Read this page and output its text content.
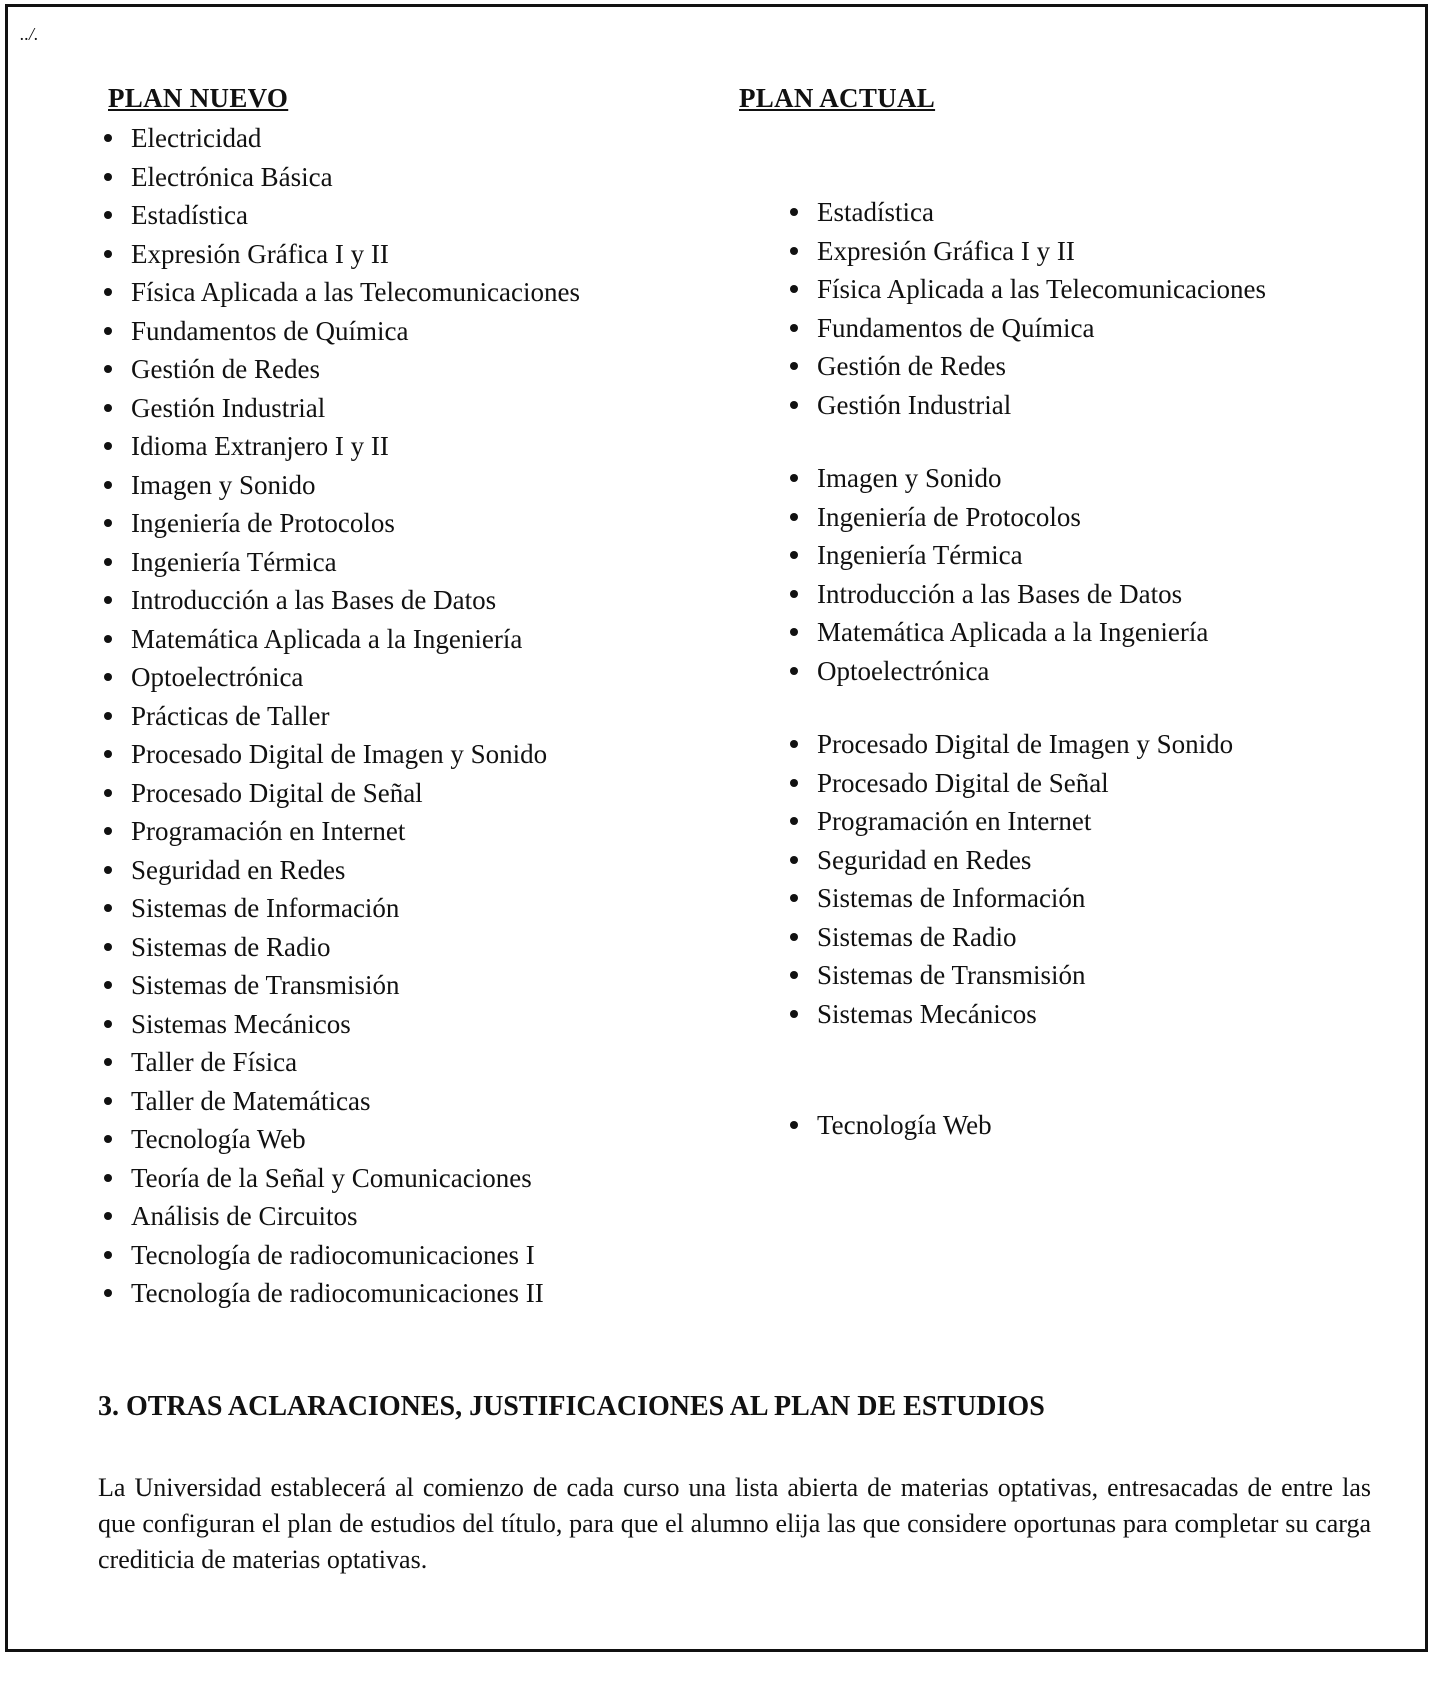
../.
PLAN NUEVO	PLAN ACTUAL
Electricidad
Electrónica Básica
Estadística
Expresión Gráfica I y II
Física Aplicada a las Telecomunicaciones
Fundamentos de Química
Gestión de Redes
Gestión Industrial
Idioma Extranjero I y II
Imagen y Sonido
Ingeniería de Protocolos
Ingeniería Térmica
Introducción a las Bases de Datos
Matemática Aplicada a la Ingeniería
Optoelectrónica
Prácticas de Taller
Procesado Digital de Imagen y Sonido
Procesado Digital de Señal
Programación en Internet
Seguridad en Redes
Sistemas de Información
Sistemas de Radio
Sistemas de Transmisión
Sistemas Mecánicos
Taller de Física
Taller de Matemáticas
Tecnología Web
Teoría de la Señal y Comunicaciones
Análisis de Circuitos
Tecnología de radiocomunicaciones I
Tecnología de radiocomunicaciones II
Estadística
Expresión Gráfica I y II
Física Aplicada a las Telecomunicaciones
Fundamentos de Química
Gestión de Redes
Gestión Industrial
Imagen y Sonido
Ingeniería de Protocolos
Ingeniería Térmica
Introducción a las Bases de Datos
Matemática Aplicada a la Ingeniería
Optoelectrónica
Procesado Digital de Imagen y Sonido
Procesado Digital de Señal
Programación en Internet
Seguridad en Redes
Sistemas de Información
Sistemas de Radio
Sistemas de Transmisión
Sistemas Mecánicos
Tecnología Web
3. OTRAS ACLARACIONES, JUSTIFICACIONES AL PLAN DE ESTUDIOS

La Universidad establecerá al comienzo de cada curso una lista abierta de materias optativas, entresacadas de entre las que configuran el plan de estudios del título, para que el alumno elija las que considere oportunas para completar su carga crediticia de materias optativas.
